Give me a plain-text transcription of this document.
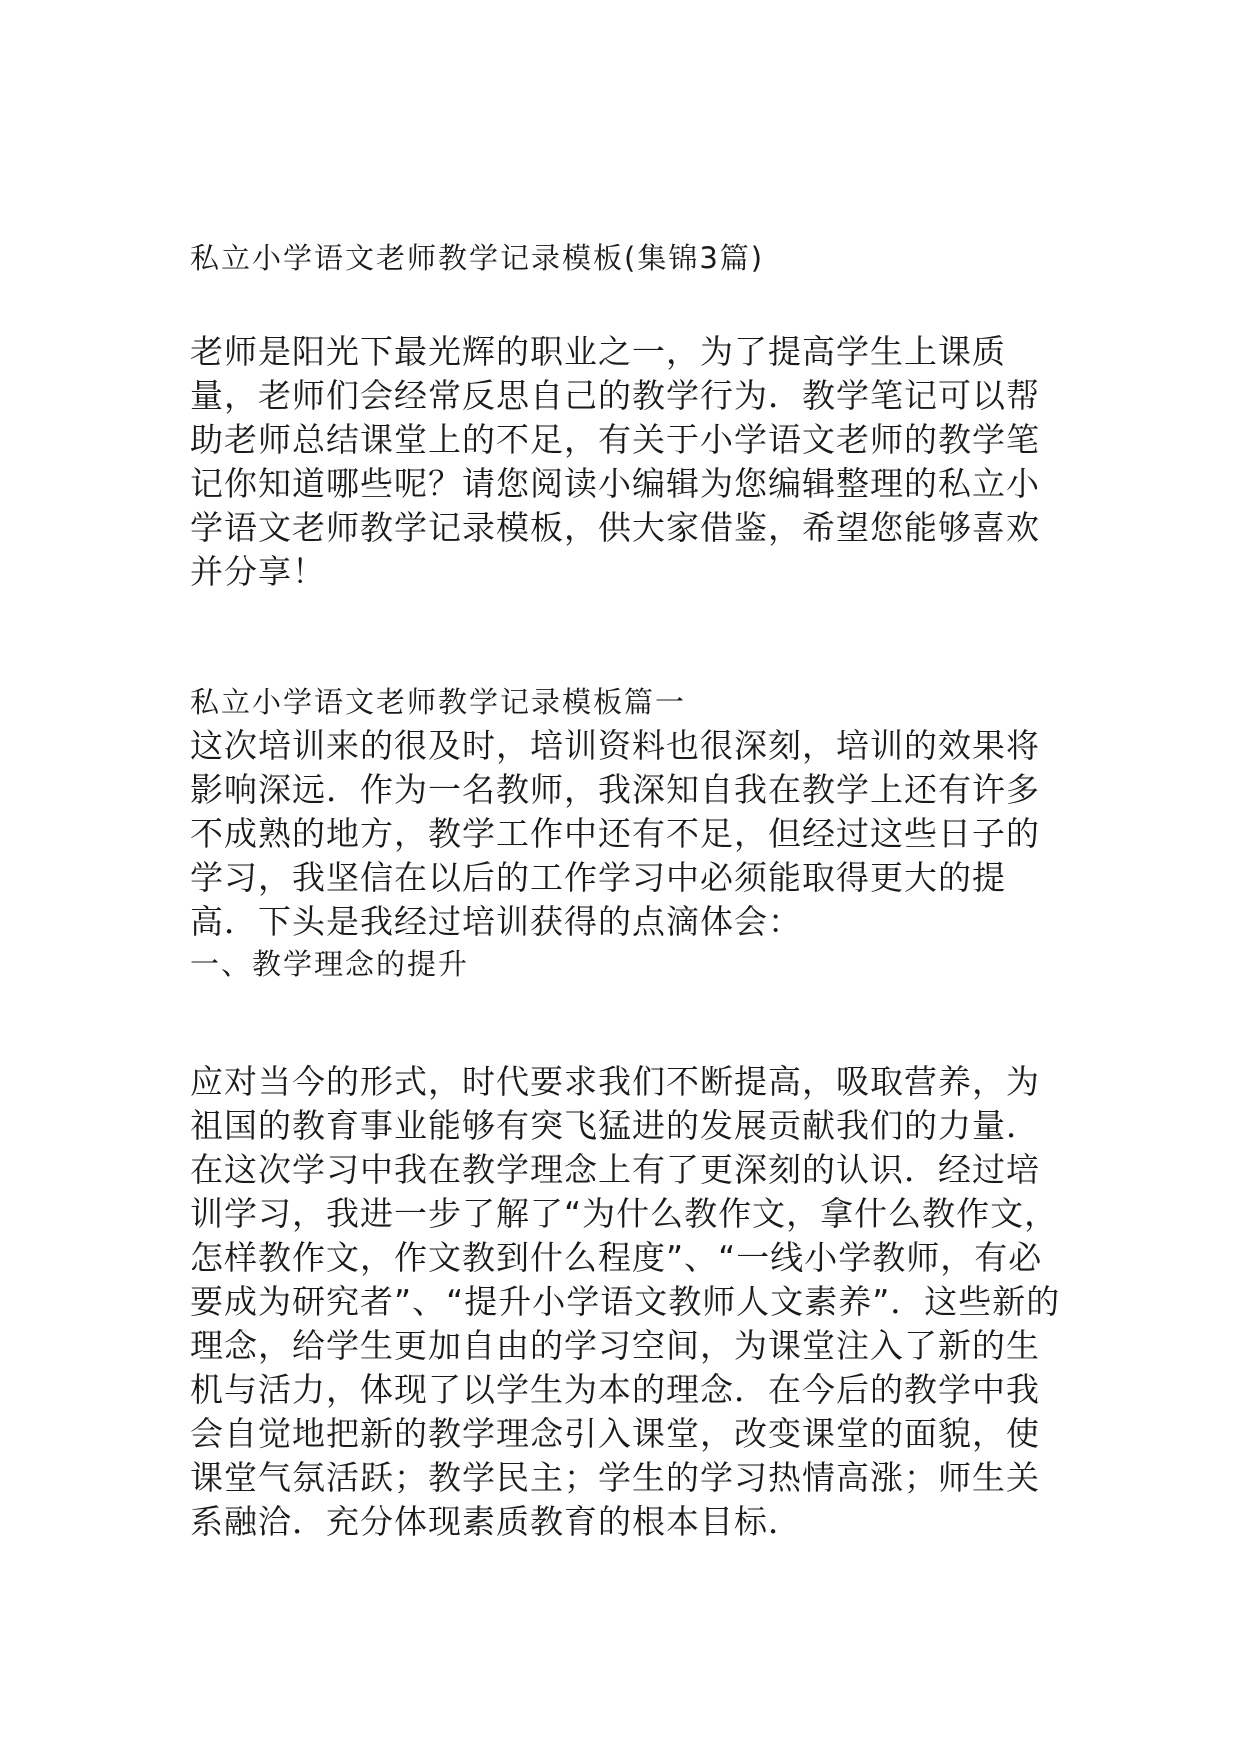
私立小学语文老师教学记录模板(集锦3篇)

老师是阳光下最光辉的职业之一，为了提高学生上课质量，老师们会经常反思自己的教学行为．教学笔记可以帮助老师总结课堂上的不足，有关于小学语文老师的教学笔记你知道哪些呢？请您阅读小编辑为您编辑整理的私立小学语文老师教学记录模板，供大家借鉴，希望您能够喜欢并分享！

私立小学语文老师教学记录模板篇一

这次培训来的很及时，培训资料也很深刻，培训的效果将影响深远．作为一名教师，我深知自我在教学上还有许多不成熟的地方，教学工作中还有不足，但经过这些日子的学习，我坚信在以后的工作学习中必须能取得更大的提高．下头是我经过培训获得的点滴体会：

一、教学理念的提升

应对当今的形式，时代要求我们不断提高，吸取营养，为祖国的教育事业能够有突飞猛进的发展贡献我们的力量．在这次学习中我在教学理念上有了更深刻的认识．经过培训学习，我进一步了解了“为什么教作文，拿什么教作文，怎样教作文，作文教到什么程度”、“一线小学教师，有必要成为研究者”、“提升小学语文教师人文素养”．这些新的理念，给学生更加自由的学习空间，为课堂注入了新的生机与活力，体现了以学生为本的理念．在今后的教学中我会自觉地把新的教学理念引入课堂，改变课堂的面貌，使课堂气氛活跃；教学民主；学生的学习热情高涨；师生关系融洽．充分体现素质教育的根本目标．
